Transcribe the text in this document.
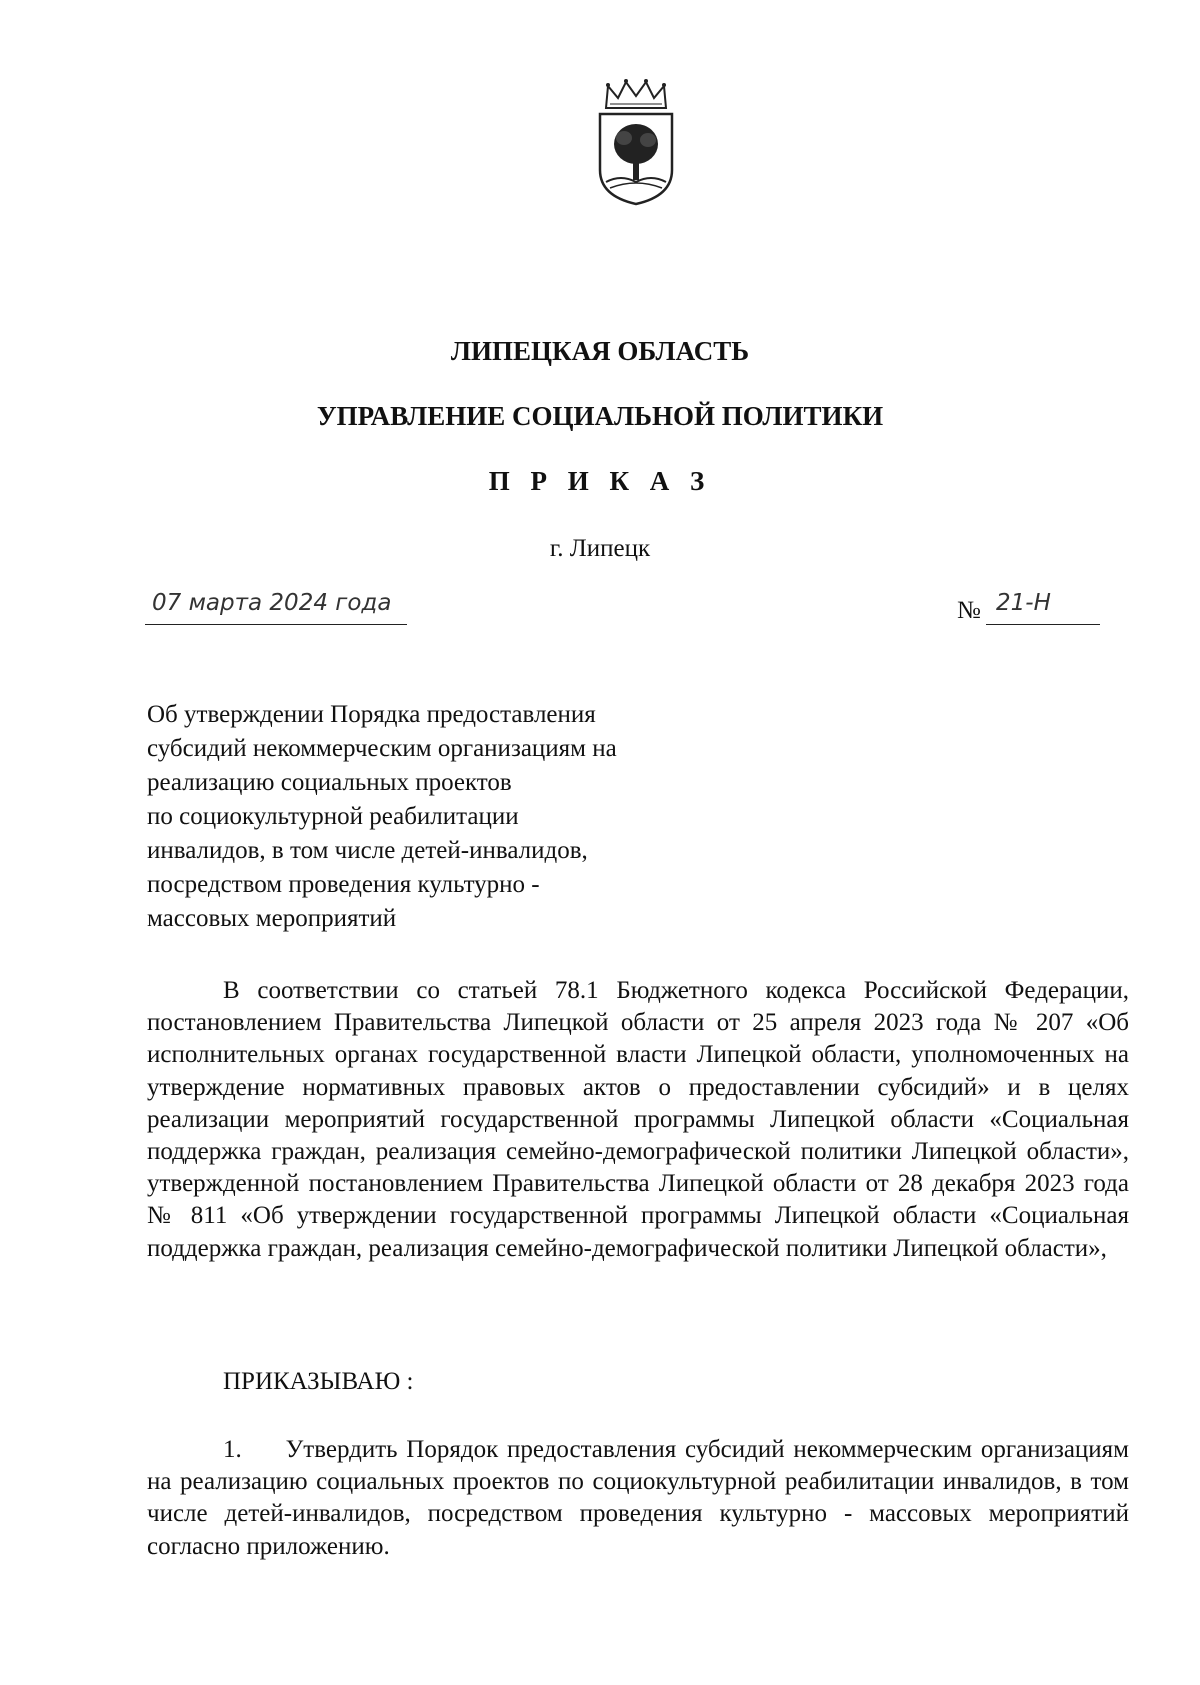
ЛИПЕЦКАЯ ОБЛАСТЬ
УПРАВЛЕНИЕ СОЦИАЛЬНОЙ ПОЛИТИКИ
П Р И К А З
г. Липецк
07 марта 2024 года	№ 21-Н
Об утверждении Порядка предоставления
субсидий некоммерческим организациям на
реализацию социальных проектов
по социокультурной реабилитации
инвалидов, в том числе детей-инвалидов,
посредством проведения культурно -
массовых мероприятий
В соответствии со статьей 78.1 Бюджетного кодекса Российской Федерации, постановлением Правительства Липецкой области от 25 апреля 2023 года № 207 «Об исполнительных органах государственной власти Липецкой области, уполномоченных на утверждение нормативных правовых актов о предоставлении субсидий» и в целях реализации мероприятий государственной программы Липецкой области «Социальная поддержка граждан, реализация семейно-демографической политики Липецкой области», утвержденной постановлением Правительства Липецкой области от 28 декабря 2023 года № 811 «Об утверждении государственной программы Липецкой области «Социальная поддержка граждан, реализация семейно-демографической политики Липецкой области»,
ПРИКАЗЫВАЮ :
1.     Утвердить Порядок предоставления субсидий некоммерческим организациям на реализацию социальных проектов по социокультурной реабилитации инвалидов, в том числе детей-инвалидов, посредством проведения культурно - массовых мероприятий согласно приложению.
